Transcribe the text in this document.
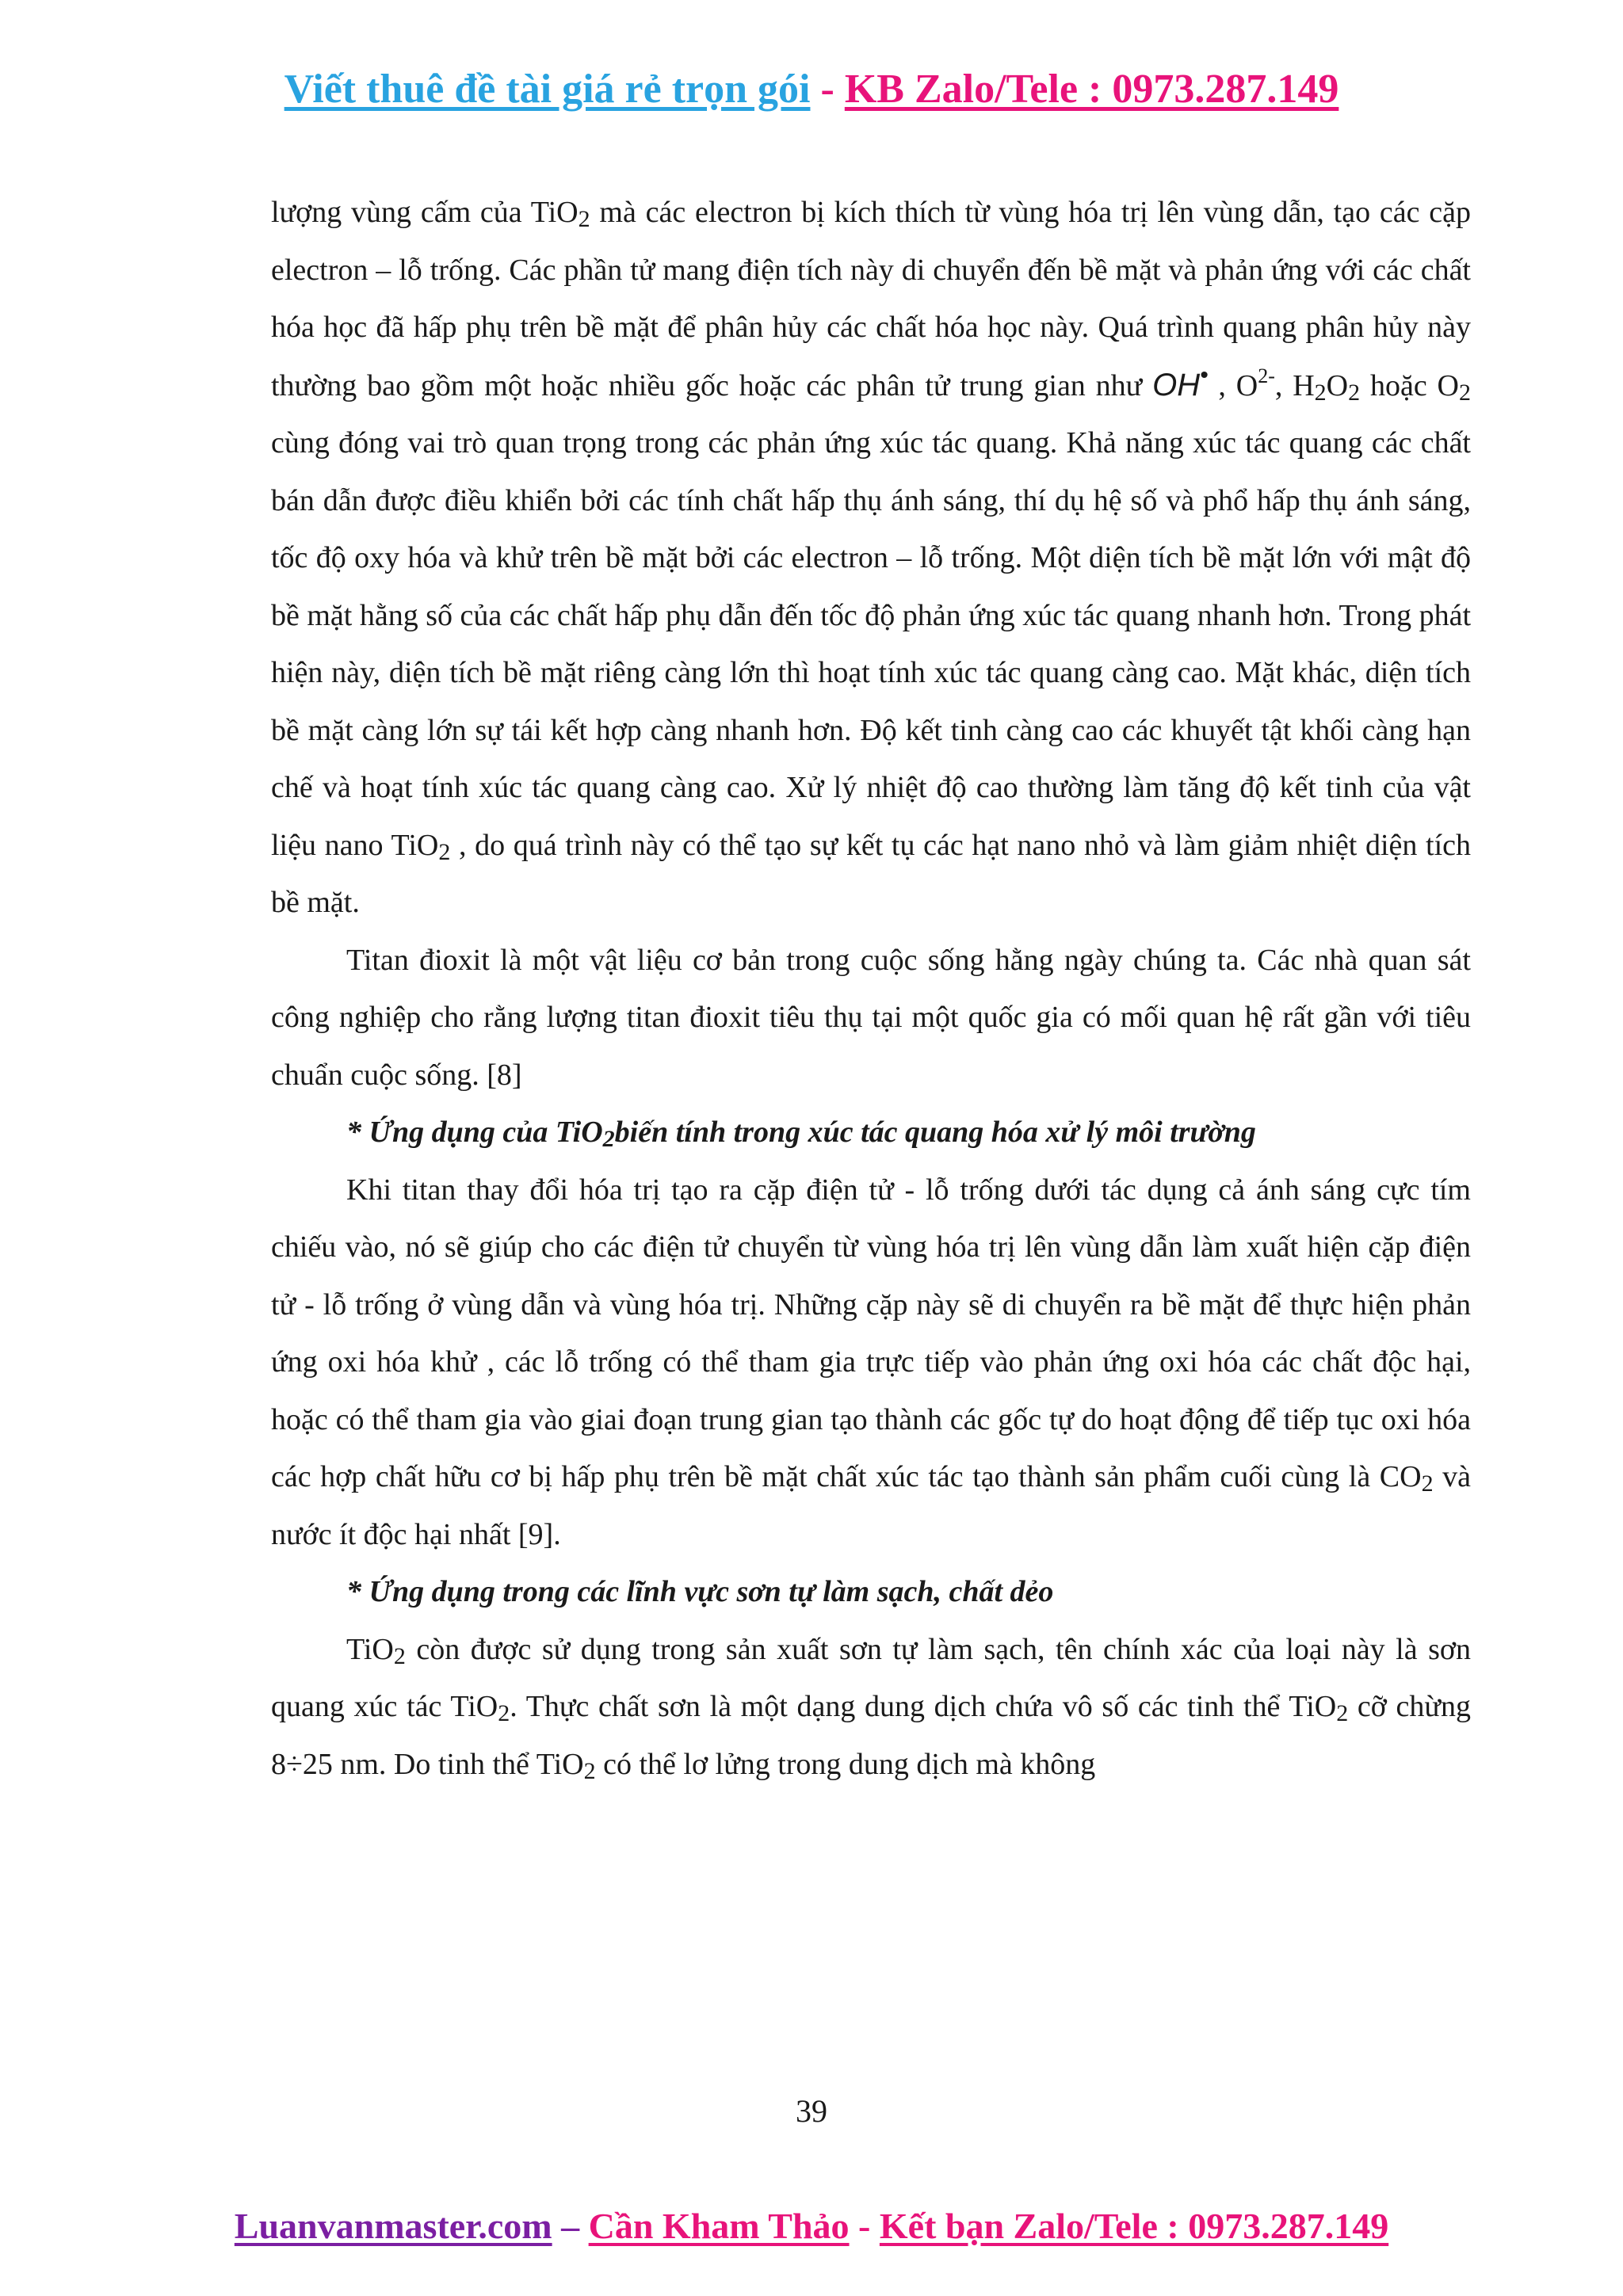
Viết thuê đề tài giá rẻ trọn gói - KB Zalo/Tele : 0973.287.149

lượng vùng cấm của TiO$_2$ mà các electron bị kích thích từ vùng hóa trị lên vùng dẫn, tạo các cặp electron – lỗ trống. Các phần tử mang điện tích này di chuyển đến bề mặt và phản ứng với các chất hóa học đã hấp phụ trên bề mặt để phân hủy các chất hóa học này. Quá trình quang phân hủy này thường bao gồm một hoặc nhiều gốc hoặc các phân tử trung gian như OH• , $O^{2-}$, $H_2O_2$ hoặc $O_2$ cùng đóng vai trò quan trọng trong các phản ứng xúc tác quang. Khả năng xúc tác quang các chất bán dẫn được điều khiển bởi các tính chất hấp thụ ánh sáng, thí dụ hệ số và phổ hấp thụ ánh sáng, tốc độ oxy hóa và khử trên bề mặt bởi các electron – lỗ trống. Một diện tích bề mặt lớn với mật độ bề mặt hằng số của các chất hấp phụ dẫn đến tốc độ phản ứng xúc tác quang nhanh hơn. Trong phát hiện này, diện tích bề mặt riêng càng lớn thì hoạt tính xúc tác quang càng cao. Mặt khác, diện tích bề mặt càng lớn sự tái kết hợp càng nhanh hơn. Độ kết tinh càng cao các khuyết tật khối càng hạn chế và hoạt tính xúc tác quang càng cao. Xử lý nhiệt độ cao thường làm tăng độ kết tinh của vật liệu nano TiO$_2$ , do quá trình này có thể tạo sự kết tụ các hạt nano nhỏ và làm giảm nhiệt diện tích bề mặt.

Titan đioxit là một vật liệu cơ bản trong cuộc sống hằng ngày chúng ta. Các nhà quan sát công nghiệp cho rằng lượng titan đioxit tiêu thụ tại một quốc gia có mối quan hệ rất gần với tiêu chuẩn cuộc sống. [8]

* Ứng dụng của TiO$_2$biến tính trong xúc tác quang hóa xử lý môi trường

Khi titan thay đổi hóa trị tạo ra cặp điện tử - lỗ trống dưới tác dụng cả ánh sáng cực tím chiếu vào, nó sẽ giúp cho các điện tử chuyển từ vùng hóa trị lên vùng dẫn làm xuất hiện cặp điện tử - lỗ trống ở vùng dẫn và vùng hóa trị. Những cặp này sẽ di chuyển ra bề mặt để thực hiện phản ứng oxi hóa khử , các lỗ trống có thể tham gia trực tiếp vào phản ứng oxi hóa các chất độc hại, hoặc có thể tham gia vào giai đoạn trung gian tạo thành các gốc tự do hoạt động để tiếp tục oxi hóa các hợp chất hữu cơ bị hấp phụ trên bề mặt chất xúc tác tạo thành sản phẩm cuối cùng là $CO_2$ và nước ít độc hại nhất [9].

* Ứng dụng trong các lĩnh vực sơn tự làm sạch, chất dẻo

TiO$_2$ còn được sử dụng trong sản xuất sơn tự làm sạch, tên chính xác của loại này là sơn quang xúc tác TiO$_2$. Thực chất sơn là một dạng dung dịch chứa vô số các tinh thể TiO$_2$ cỡ chừng 8÷25 nm. Do tinh thể TiO$_2$ có thể lơ lửng trong dung dịch mà không

39
Luanvanmaster.com – Cần Kham Thảo - Kết bạn Zalo/Tele : 0973.287.149
